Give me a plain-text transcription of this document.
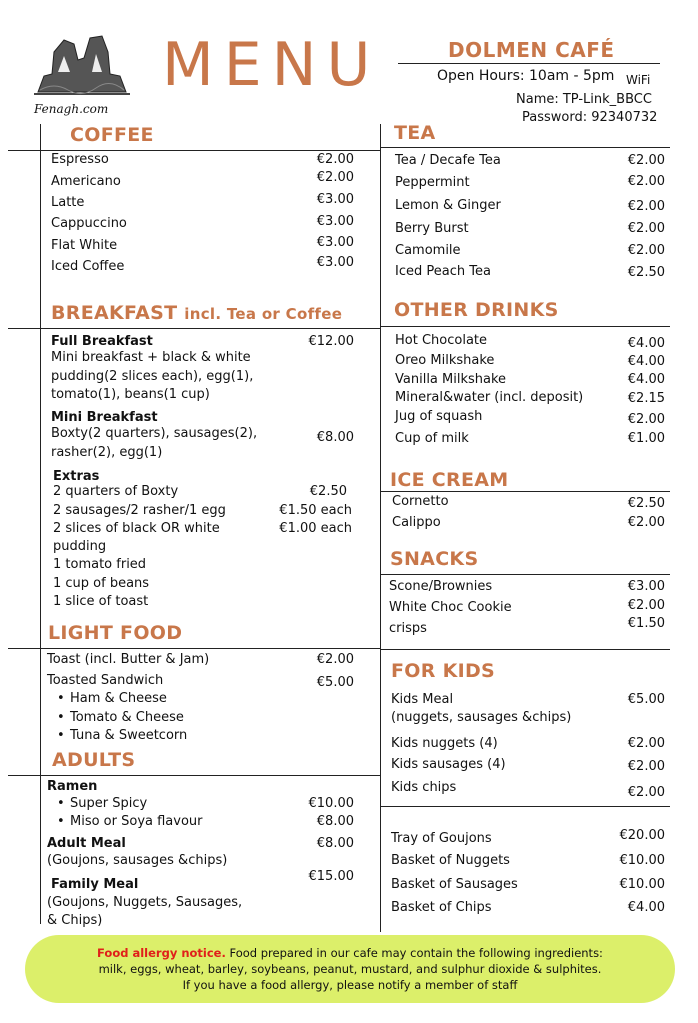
Fenagh.com
MENU	DOLMEN CAFÉ
Open Hours: 10am - 5pm WiFi
Name: TP-Link_BBCC
Password: 92340732
COFFEE
Espresso	€2.00
Americano	€2.00
Latte	€3.00
Cappuccino	€3.00
Flat White	€3.00
Iced Coffee	€3.00
BREAKFAST incl. Tea or Coffee
Full Breakfast	€12.00
Mini breakfast + black & white
pudding(2 slices each), egg(1),
tomato(1), beans(1 cup)
Mini Breakfast
Boxty(2 quarters), sausages(2),	€8.00
rasher(2), egg(1)
Extras
2 quarters of Boxty	€2.50
2 sausages/2 rasher/1 egg	€1.50 each
2 slices of black OR white	€1.00 each
pudding
1 tomato fried
1 cup of beans
1 slice of toast
LIGHT FOOD
Toast (incl. Butter & Jam)	€2.00
Toasted Sandwich	€5.00
• Ham & Cheese
• Tomato & Cheese
• Tuna & Sweetcorn
ADULTS
Ramen
• Super Spicy	€10.00
• Miso or Soya flavour	€8.00
Adult Meal	€8.00
(Goujons, sausages &chips)
Family Meal
€15.00
(Goujons, Nuggets, Sausages,
& Chips)
TEA
Tea / Decafe Tea	€2.00
Peppermint	€2.00
Lemon & Ginger	€2.00
Berry Burst	€2.00
Camomile	€2.00
Iced Peach Tea	€2.50
OTHER DRINKS
Hot Chocolate	€4.00
Oreo Milkshake	€4.00
Vanilla Milkshake	€4.00
Mineral&water (incl. deposit)	€2.15
Jug of squash	€2.00
Cup of milk	€1.00
ICE CREAM
Cornetto	€2.50
Calippo	€2.00
SNACKS
Scone/Brownies	€3.00
White Choc Cookie	€2.00
crisps	€1.50
FOR KIDS
Kids Meal	€5.00
(nuggets, sausages &chips)
Kids nuggets (4)	€2.00
Kids sausages (4)	€2.00
Kids chips	€2.00
Tray of Goujons	€20.00
Basket of Nuggets	€10.00
Basket of Sausages	€10.00
Basket of Chips	€4.00
Food allergy notice. Food prepared in our cafe may contain the following ingredients:
milk, eggs, wheat, barley, soybeans, peanut, mustard, and sulphur dioxide & sulphites.
If you have a food allergy, please notify a member of staff
